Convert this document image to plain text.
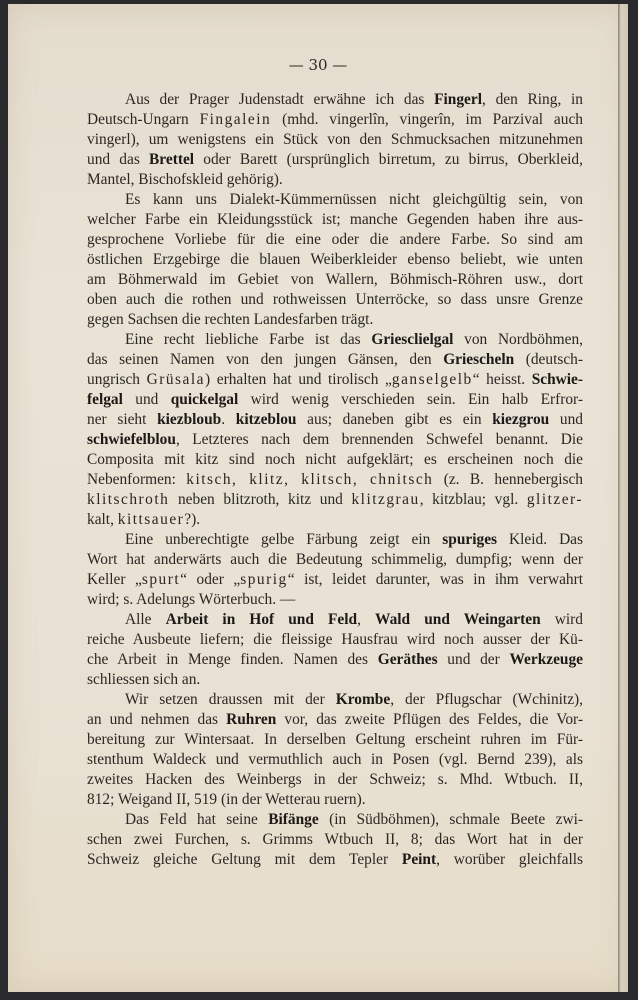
— 30 —
Aus der Prager Judenstadt erwähne ich das Fingerl, den Ring, in
Deutsch-Ungarn Fingalein (mhd. vingerlîn, vingerîn, im Parzival auch
vingerl), um wenigstens ein Stück von den Schmucksachen mitzunehmen
und das Brettel oder Barett (ursprünglich birretum, zu birrus, Oberkleid,
Mantel, Bischofskleid gehörig).
Es kann uns Dialekt-Kümmernüssen nicht gleichgültig sein, von
welcher Farbe ein Kleidungsstück ist; manche Gegenden haben ihre aus-
gesprochene Vorliebe für die eine oder die andere Farbe. So sind am
östlichen Erzgebirge die blauen Weiberkleider ebenso beliebt, wie unten
am Böhmerwald im Gebiet von Wallern, Böhmisch-Röhren usw., dort
oben auch die rothen und rothweissen Unterröcke, so dass unsre Grenze
gegen Sachsen die rechten Landesfarben trägt.
Eine recht liebliche Farbe ist das Griesclielgal von Nordböhmen,
das seinen Namen von den jungen Gänsen, den Griescheln (deutsch-
ungrisch Grüsala) erhalten hat und tirolisch „ganselgelb“ heisst. Schwie-
felgal und quickelgal wird wenig verschieden sein. Ein halb Erfror-
ner sieht kiezbloub. kitzeblou aus; daneben gibt es ein kiezgrou und
schwiefelblou, Letzteres nach dem brennenden Schwefel benannt. Die
Composita mit kitz sind noch nicht aufgeklärt; es erscheinen noch die
Nebenformen: kitsch, klitz, klitsch, chnitsch (z. B. hennebergisch
klitschroth neben blitzroth, kitz und klitzgrau, kitzblau; vgl. glitzer-
kalt, kittsauer?).
Eine unberechtigte gelbe Färbung zeigt ein spuriges Kleid. Das
Wort hat anderwärts auch die Bedeutung schimmelig, dumpfig; wenn der
Keller „spurt“ oder „spurig“ ist, leidet darunter, was in ihm verwahrt
wird; s. Adelungs Wörterbuch. —
Alle Arbeit in Hof und Feld, Wald und Weingarten wird
reiche Ausbeute liefern; die fleissige Hausfrau wird noch ausser der Kü-
che Arbeit in Menge finden. Namen des Geräthes und der Werkzeuge
schliessen sich an.
Wir setzen draussen mit der Krombe, der Pflugschar (Wchinitz),
an und nehmen das Ruhren vor, das zweite Pflügen des Feldes, die Vor-
bereitung zur Wintersaat. In derselben Geltung erscheint ruhren im Für-
stenthum Waldeck und vermuthlich auch in Posen (vgl. Bernd 239), als
zweites Hacken des Weinbergs in der Schweiz; s. Mhd. Wtbuch. II,
812; Weigand II, 519 (in der Wetterau ruern).
Das Feld hat seine Bifänge (in Südböhmen), schmale Beete zwi-
schen zwei Furchen, s. Grimms Wtbuch II, 8; das Wort hat in der
Schweiz gleiche Geltung mit dem Tepler Peint, worüber gleichfalls
